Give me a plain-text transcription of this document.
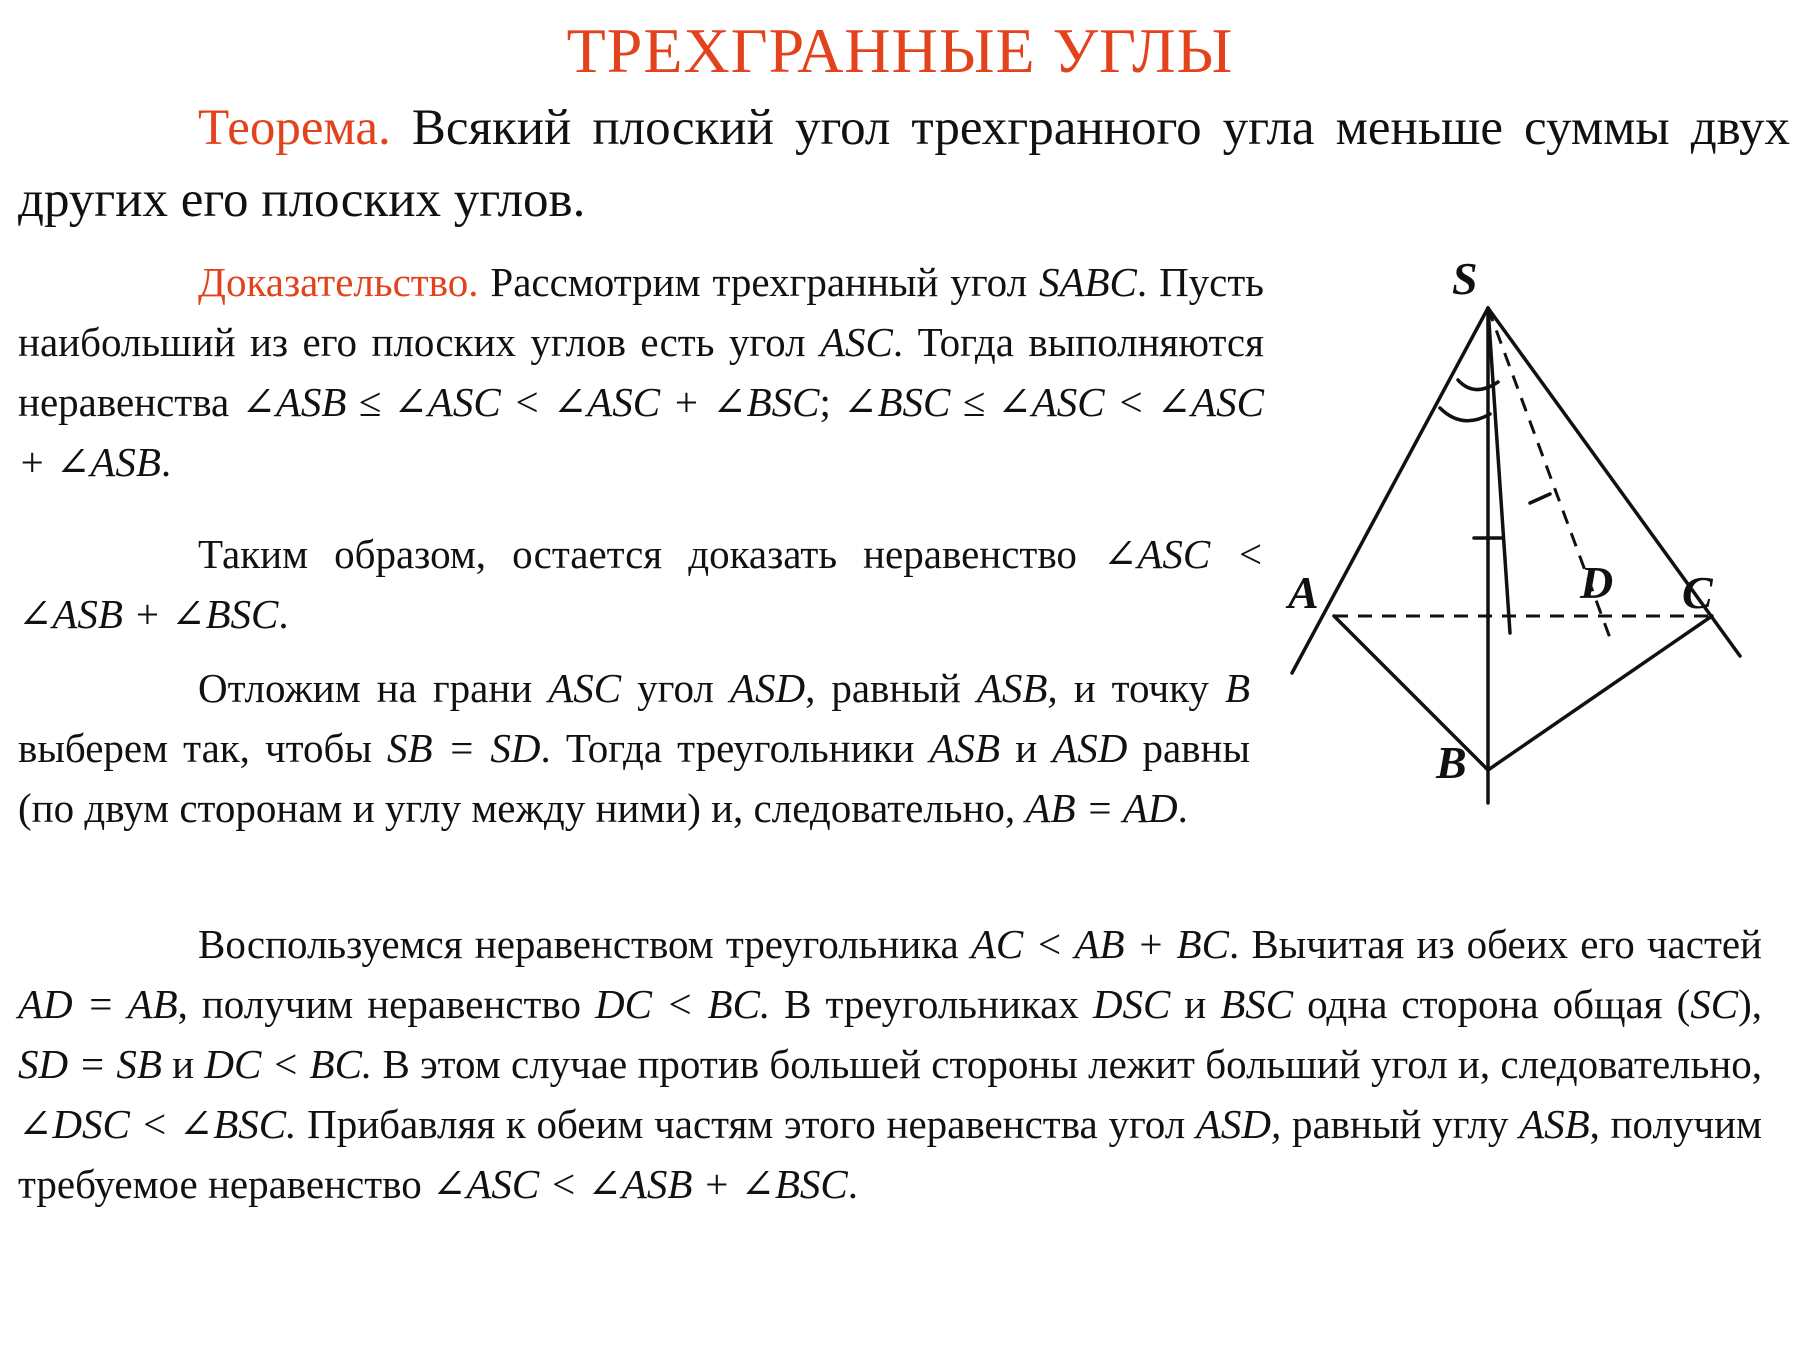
ТРЕХГРАННЫЕ УГЛЫ

Теорема. Всякий плоский угол трехгранного угла меньше суммы двух других его плоских углов.

Доказательство. Рассмотрим трехгранный угол SABC. Пусть наибольший из его плоских углов есть угол ASC. Тогда выполняются неравенства ∠ASB ≤ ∠ASC < ∠ASC + ∠BSC; ∠BSC ≤ ∠ASC < ∠ASC + ∠ASB.

Таким образом, остается доказать неравенство ∠ASC < ∠ASB + ∠BSC.

Отложим на грани ASC угол ASD, равный ASB, и точку B выберем так, чтобы SB = SD. Тогда треугольники ASB и ASD равны (по двум сторонам и углу между ними) и, следовательно, AB = AD.

Воспользуемся неравенством треугольника AC < AB + BC. Вычитая из обеих его частей AD = AB, получим неравенство DC < BC. В треугольниках DSC и BSC одна сторона общая (SC), SD = SB и DC < BC. В этом случае против большей стороны лежит больший угол и, следовательно, ∠DSC < ∠BSC. Прибавляя к обеим частям этого неравенства угол ASD, равный углу ASB, получим требуемое неравенство ∠ASC < ∠ASB + ∠BSC.

S
A	C
D
B
